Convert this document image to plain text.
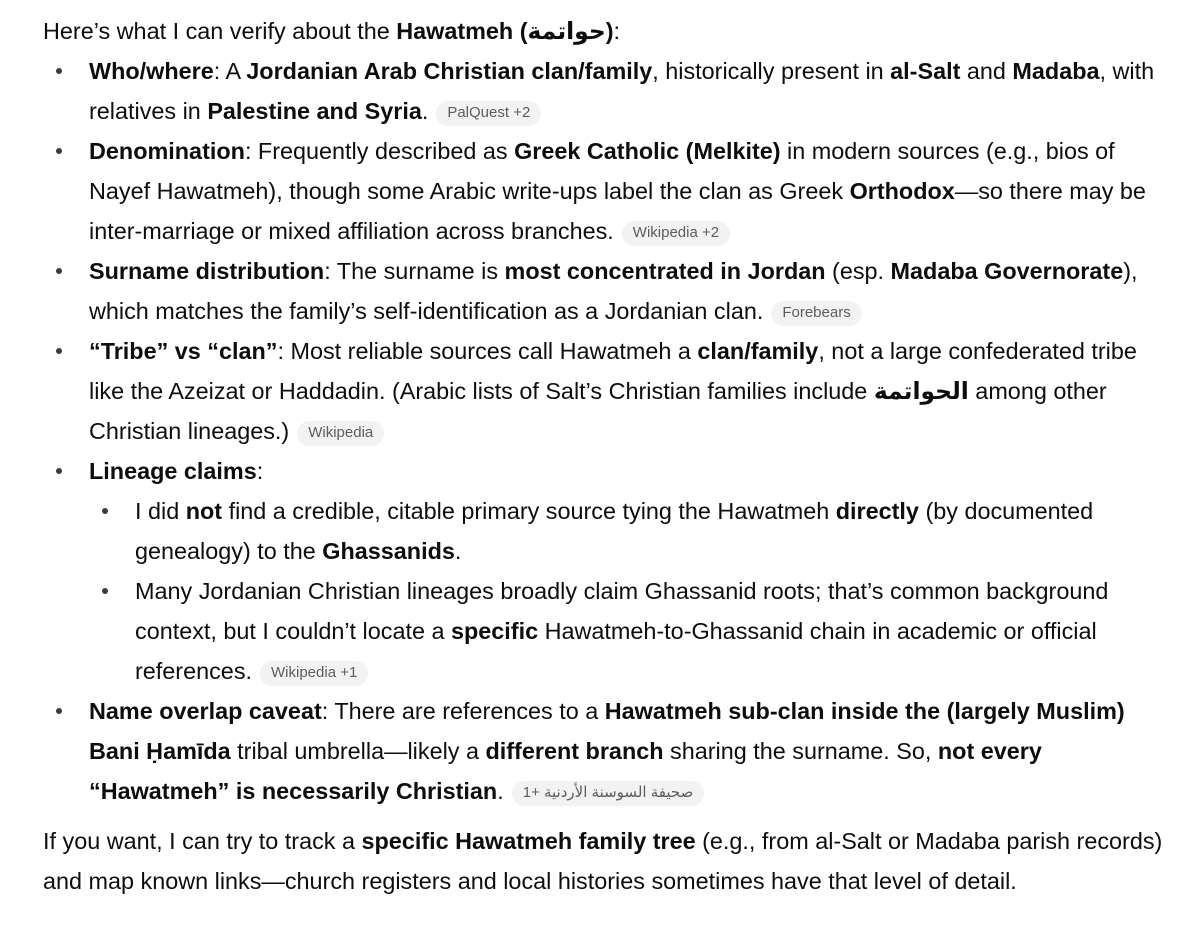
Here’s what I can verify about the Hawatmeh (حواتمة):

Who/where: A Jordanian Arab Christian clan/family, historically present in al-Salt and Madaba, with relatives in Palestine and Syria. PalQuest +2
Denomination: Frequently described as Greek Catholic (Melkite) in modern sources (e.g., bios of Nayef Hawatmeh), though some Arabic write-ups label the clan as Greek Orthodox—so there may be inter-marriage or mixed affiliation across branches. Wikipedia +2
Surname distribution: The surname is most concentrated in Jordan (esp. Madaba Governorate), which matches the family’s self-identification as a Jordanian clan. Forebears
“Tribe” vs “clan”: Most reliable sources call Hawatmeh a clan/family, not a large confederated tribe like the Azeizat or Haddadin. (Arabic lists of Salt’s Christian families include الحواتمة among other Christian lineages.) Wikipedia
Lineage claims:
I did not find a credible, citable primary source tying the Hawatmeh directly (by documented genealogy) to the Ghassanids.
Many Jordanian Christian lineages broadly claim Ghassanid roots; that’s common background context, but I couldn’t locate a specific Hawatmeh-to-Ghassanid chain in academic or official references. Wikipedia +1
Name overlap caveat: There are references to a Hawatmeh sub-clan inside the (largely Muslim) Bani Ḥamīda tribal umbrella—likely a different branch sharing the surname. So, not every “Hawatmeh” is necessarily Christian. صحيفة السوسنة الأردنية +1

If you want, I can try to track a specific Hawatmeh family tree (e.g., from al-Salt or Madaba parish records) and map known links—church registers and local histories sometimes have that level of detail.
